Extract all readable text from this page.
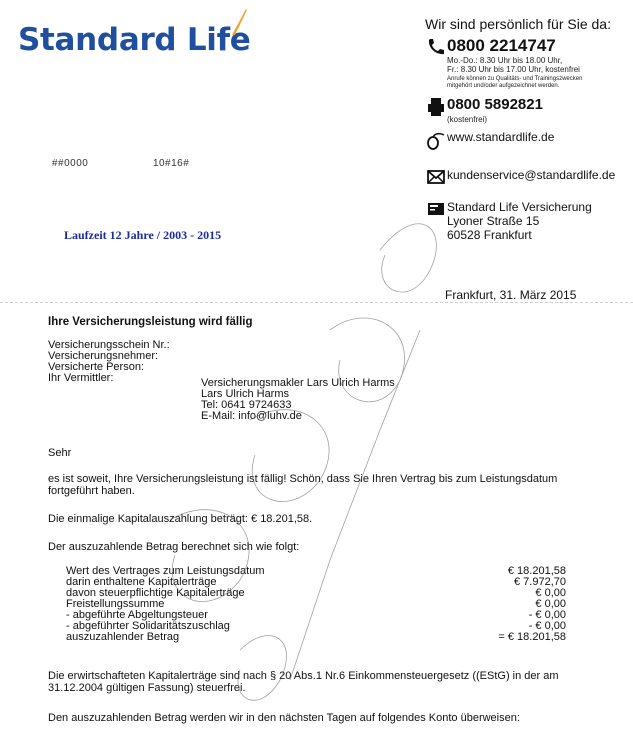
Standard Life	Wir sind persönlich für Sie da:
0800 2214747
Mo.-Do.: 8.30 Uhr bis 18.00 Uhr,
Fr.: 8.30 Uhr bis 17.00 Uhr, kostenfrei
Anrufe können zu Qualitäts- und Trainingszwecken
mitgehört und/oder aufgezeichnet werden.
0800 5892821
(kostenfrei)
www.standardlife.de
kundenservice@standardlife.de
Standard Life Versicherung
Lyoner Straße 15
60528 Frankfurt
##0000	10#16#
Laufzeit 12 Jahre / 2003 - 2015
Frankfurt, 31. März 2015
Ihre Versicherungsleistung wird fällig
Versicherungsschein Nr.:
Versicherungsnehmer:
Versicherte Person:
Ihr Vermittler:	Versicherungsmakler Lars Ulrich Harms
Lars Ulrich Harms
Tel: 0641 9724633
E-Mail: info@luhv.de
Sehr
es ist soweit, Ihre Versicherungsleistung ist fällig! Schön, dass Sie Ihren Vertrag bis zum Leistungsdatum fortgeführt haben.
Die einmalige Kapitalauszahlung beträgt: € 18.201,58.
Der auszuzahlende Betrag berechnet sich wie folgt:
Wert des Vertrages zum Leistungsdatum	€ 18.201,58
darin enthaltene Kapitalerträge	€ 7.972,70
davon steuerpflichtige Kapitalerträge	€ 0,00
Freistellungssumme	€ 0,00
- abgeführte Abgeltungsteuer	- € 0,00
- abgeführter Solidaritätszuschlag	- € 0,00
auszuzahlender Betrag	= € 18.201,58
Die erwirtschafteten Kapitalerträge sind nach § 20 Abs.1 Nr.6 Einkommensteuergesetz ((EStG) in der am 31.12.2004 gültigen Fassung) steuerfrei.
Den auszuzahlenden Betrag werden wir in den nächsten Tagen auf folgendes Konto überweisen:
